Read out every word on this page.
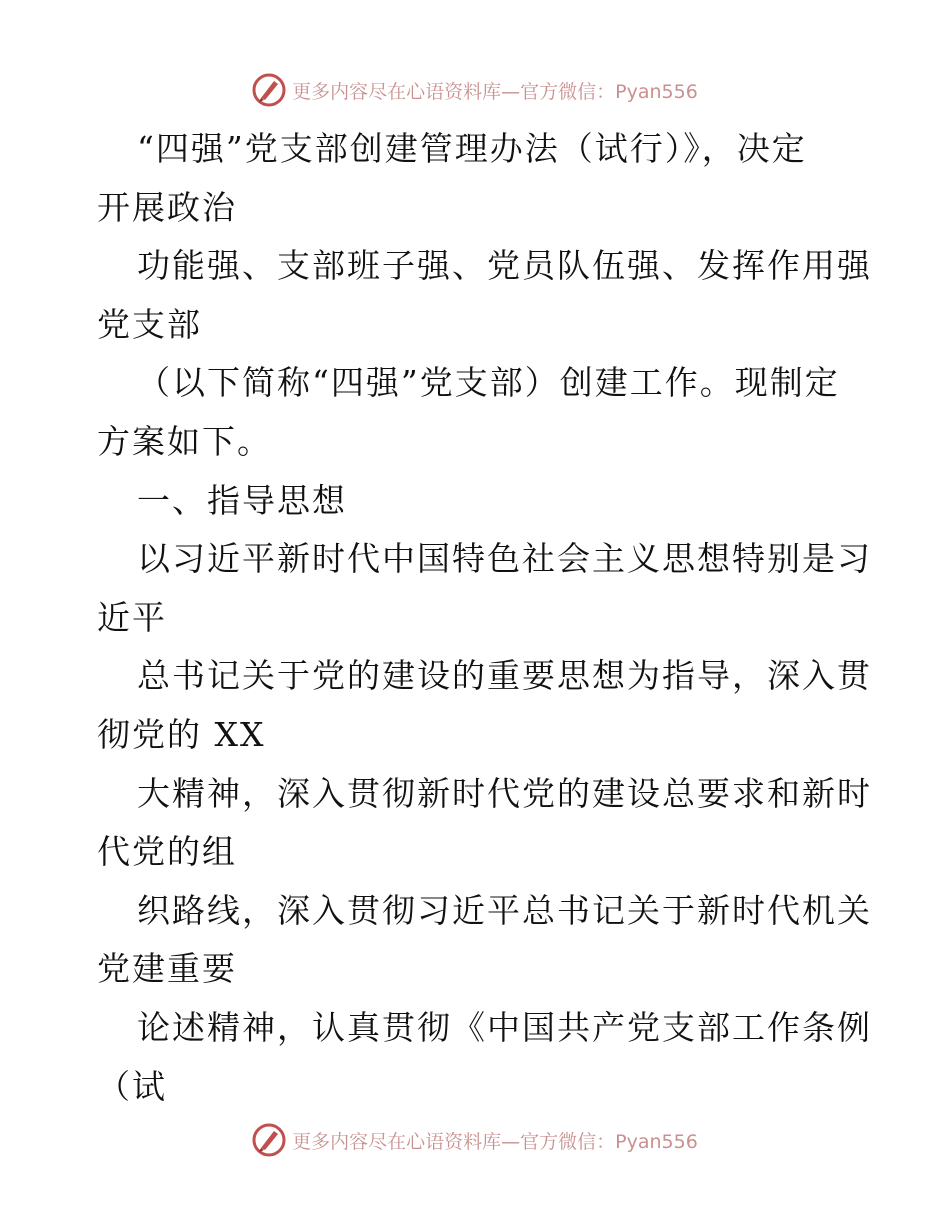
更多内容尽在心语资料库—官方微信：Pyan556
“四强”党支部创建管理办法（试行）》，决定
开展政治
功能强、支部班子强、党员队伍强、发挥作用强
党支部
（以下简称“四强”党支部）创建工作。现制定
方案如下。
一、指导思想
以习近平新时代中国特色社会主义思想特别是习
近平
总书记关于党的建设的重要思想为指导，深入贯
彻党的 XX
大精神，深入贯彻新时代党的建设总要求和新时
代党的组
织路线，深入贯彻习近平总书记关于新时代机关
党建重要
论述精神，认真贯彻《中国共产党支部工作条例
（试
更多内容尽在心语资料库—官方微信：Pyan556
